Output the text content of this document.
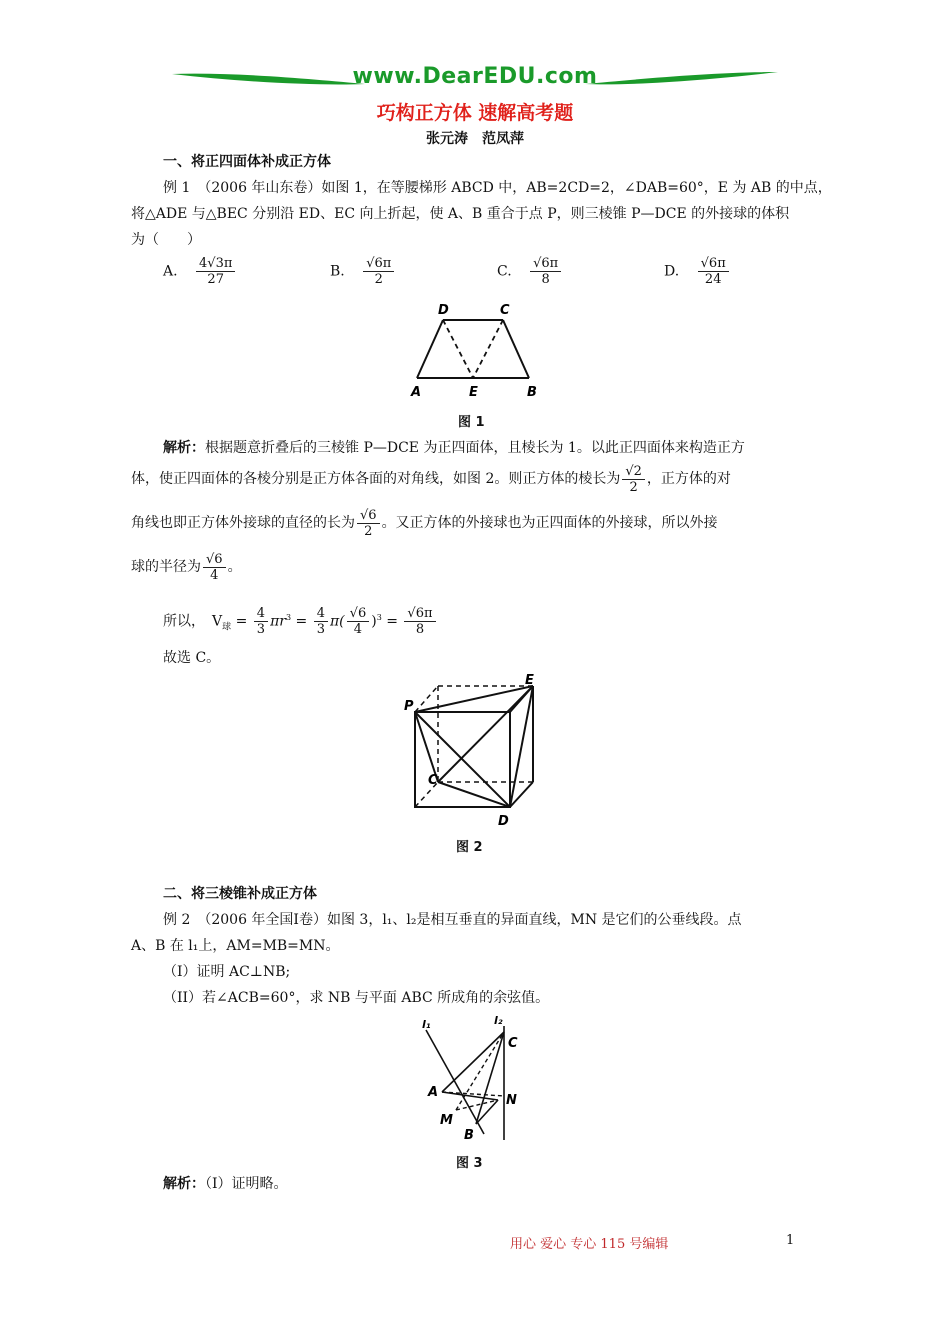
www.DearEDU.com
巧构正方体 速解高考题
张元涛　范凤萍
一、将正四面体补成正方体
例 1　（2006 年山东卷）如图 1，在等腰梯形 ABCD 中，AB=2CD=2，∠DAB=60°，E 为 AB 的中点，
将△ADE 与△BEC 分别沿 ED、EC 向上折起，使 A、B 重合于点 P，则三棱锥 P—DCE 的外接球的体积
为（　　）
A. $\frac{4√3\pi}{27}$	B. $\frac{√6\pi}{2}$	C. $\frac{√6\pi}{8}$	D. $\frac{√6\pi}{24}$
D	C
A	E	B
图 1
解析：根据题意折叠后的三棱锥 P—DCE 为正四面体，且棱长为 1。以此正四面体来构造正方
体，使正四面体的各棱分别是正方体各面的对角线，如图 2。则正方体的棱长为 $\frac{√2}{2}$ ，正方体的对
角线也即正方体外接球的直径的长为 $\frac{√6}{2}$ 。又正方体的外接球也为正四面体的外接球，所以外接
球的半径为 $\frac{√6}{4}$ 。
所以，　$V_球 = \frac{4}{3} \pi r^3 = \frac{4}{3} \pi( \frac{√6}{4} )^3 = \frac{√6\pi}{8}$
故选 C。
P
E
C
D
图 2
二、将三棱锥补成正方体
例 2　（2006 年全国Ⅰ卷）如图 3，l₁、l₂是相互垂直的异面直线，MN 是它们的公垂线段。点
A、B 在 l₁上，AM=MB=MN。
（I）证明 AC⊥NB;
（II）若∠ACB=60°，求 NB 与平面 ABC 所成角的余弦值。
l₁	l₂
C
A
M
N
B
图 3
解析：（I）证明略。
用心 爱心 专心 115 号编辑	1
